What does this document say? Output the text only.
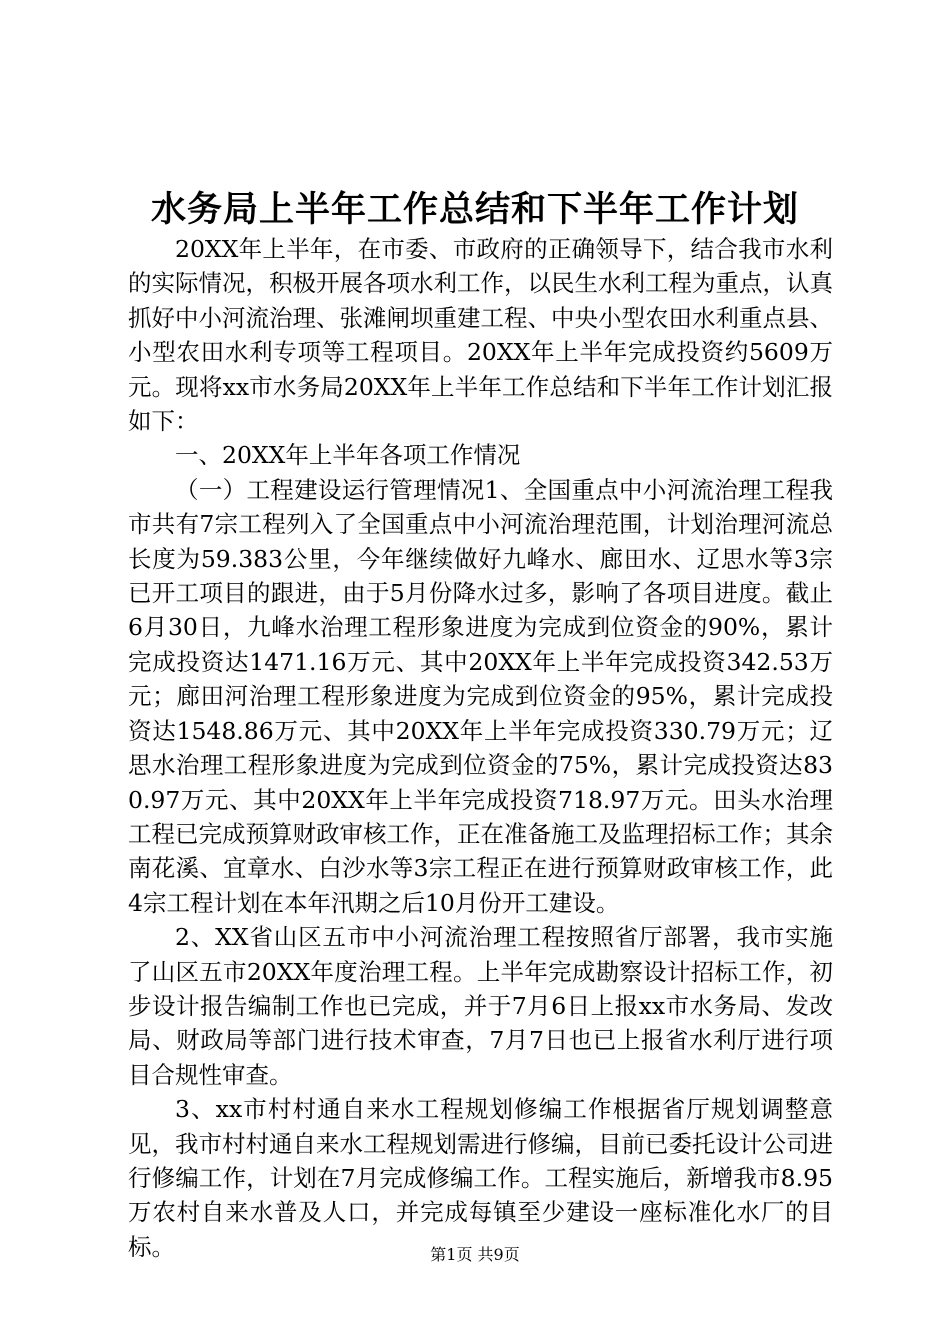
水务局上半年工作总结和下半年工作计划

20XX年上半年，在市委、市政府的正确领导下，结合我市水利的实际情况，积极开展各项水利工作，以民生水利工程为重点，认真抓好中小河流治理、张滩闸坝重建工程、中央小型农田水利重点县、小型农田水利专项等工程项目。20XX年上半年完成投资约5609万元。现将xx市水务局20XX年上半年工作总结和下半年工作计划汇报如下：

一、20XX年上半年各项工作情况

（一）工程建设运行管理情况1、全国重点中小河流治理工程我市共有7宗工程列入了全国重点中小河流治理范围，计划治理河流总长度为59.383公里，今年继续做好九峰水、廊田水、辽思水等3宗已开工项目的跟进，由于5月份降水过多，影响了各项目进度。截止6月30日，九峰水治理工程形象进度为完成到位资金的90%，累计完成投资达1471.16万元、其中20XX年上半年完成投资342.53万元；廊田河治理工程形象进度为完成到位资金的95%，累计完成投资达1548.86万元、其中20XX年上半年完成投资330.79万元；辽思水治理工程形象进度为完成到位资金的75%，累计完成投资达830.97万元、其中20XX年上半年完成投资718.97万元。田头水治理工程已完成预算财政审核工作，正在准备施工及监理招标工作；其余南花溪、宜章水、白沙水等3宗工程正在进行预算财政审核工作，此4宗工程计划在本年汛期之后10月份开工建设。

2、XX省山区五市中小河流治理工程按照省厅部署，我市实施了山区五市20XX年度治理工程。上半年完成勘察设计招标工作，初步设计报告编制工作也已完成，并于7月6日上报xx市水务局、发改局、财政局等部门进行技术审查，7月7日也已上报省水利厅进行项目合规性审查。

3、xx市村村通自来水工程规划修编工作根据省厅规划调整意见，我市村村通自来水工程规划需进行修编，目前已委托设计公司进行修编工作，计划在7月完成修编工作。工程实施后，新增我市8.95万农村自来水普及人口，并完成每镇至少建设一座标准化水厂的目标。	第1页 共9页
